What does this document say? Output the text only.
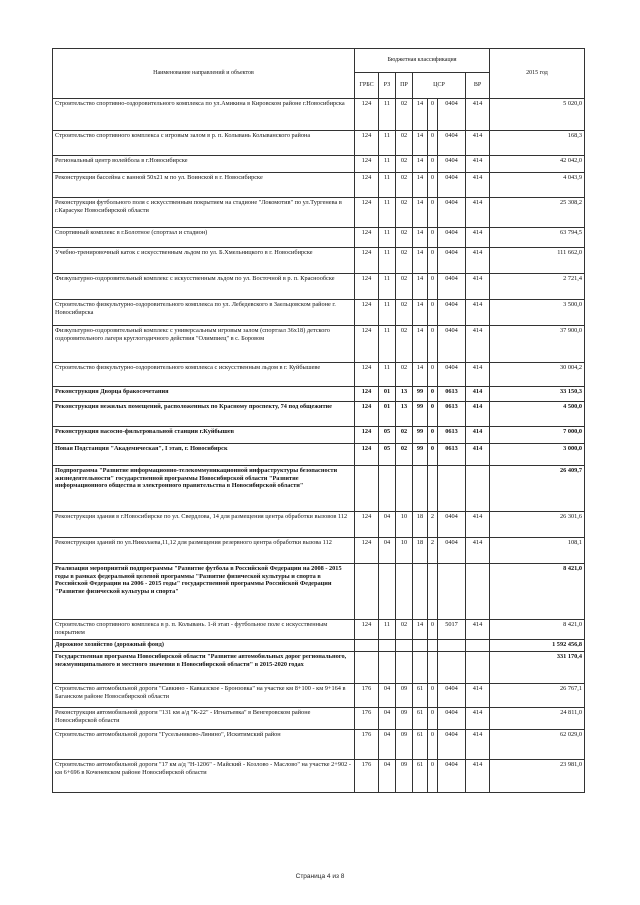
Наименование направлений и объектов	Бюджетная классификация							2015 год
	ГРБС	РЗ	ПР	ЦСР			ВР	
Строительство спортивно-оздоровительного комплекса по ул.Амикина в Кировском районе г.Новосибирска	124	11	02	14	0	0404	414	5 020,0
Строительство спортивного комплекса с игровым залом в р. п. Колывань Колыванского района	124	11	02	14	0	0404	414	168,3
Региональный центр волейбола в г.Новосибирске	124	11	02	14	0	0404	414	42 042,0
Реконструкция бассейна с ванной 50х21 м по ул. Воинской в г. Новосибирске	124	11	02	14	0	0404	414	4 043,9
Реконструкция футбольного поля с искусственным покрытием на стадионе "Локомотив" по ул.Тургенева в г.Карасуке Новосибирской области	124	11	02	14	0	0404	414	25 308,2
Спортивный комплекс в г.Болотное (спортзал и стадион)	124	11	02	14	0	0404	414	63 794,5
Учебно-тренировочный каток с искусственным льдом по ул. Б.Хмельницкого в г. Новосибирске	124	11	02	14	0	0404	414	111 662,0
Физкультурно-оздоровительный комплекс с искусственным льдом по ул. Восточной в р. п. Краснообске	124	11	02	14	0	0404	414	2 721,4
Строительство физкультурно-оздоровительного комплекса по ул. Лебедевского в Заельцовском районе г. Новосибирска	124	11	02	14	0	0404	414	3 500,0
Физкультурно-оздоровительный комплекс с универсальным игровым залом (спортзал 36х18) детского оздоровительного лагеря круглогодичного действия "Олимпиец" в с. Боровом	124	11	02	14	0	0404	414	37 900,0
Строительство физкультурно-оздоровительного комплекса с искусственным льдом в г. Куйбышеве	124	11	02	14	0	0404	414	30 004,2
Реконструкция Дворца бракосочетания	124	01	13	99	0	0613	414	33 150,3
Реконструкция нежилых помещений, расположенных по Красному проспекту, 74 под общежитие	124	01	13	99	0	0613	414	4 500,0
Реконструкция насосно-фильтровальной станции г.Куйбышев	124	05	02	99	0	0613	414	7 000,0
Новая Подстанция "Академическая", I этап, г. Новосибирск	124	05	02	99	0	0613	414	3 000,0
Подпрограмма "Развитие информационно-телекоммуникационной инфраструктуры безопасности жизнедеятельности" государственной программы Новосибирской области "Развитие информационного общества и электронного правительства в Новосибирской области"								26 409,7
Реконструкция здания в г.Новосибирске по ул. Свердлова, 14 для размещения центра обработки вызовов 112	124	04	10	18	2	0404	414	26 301,6
Реконструкция зданий по ул.Николаева,11,12 для размещения резервного центра обработки вызова 112	124	04	10	18	2	0404	414	108,1
Реализация мероприятий подпрограммы "Развитие футбола в Российской Федерации на 2008 - 2015 годы в рамках федеральной целевой программы "Развитие физической культуры и спорта в Российской Федерации на 2006 - 2015 годы" государственной программы Российской Федерации "Развитие физической культуры и спорта"								8 421,0
Строительство спортивного комплекса в р. п. Колывань. 1-й этап - футбольное поле с искусственным покрытием	124	11	02	14	0	5017	414	8 421,0
Дорожное хозяйство (дорожный фонд)								1 592 456,8
Государственная программа Новосибирской области "Развитие автомобильных дорог регионального, межмуниципального и местного значения в Новосибирской области" в 2015-2020 годах								331 170,4
Строительство автомобильной дороги "Савкино - Кавказское - Бронзовка" на участке км 8+100 - км 9+164 в Баганском районе Новосибирской области	176	04	09	61	0	0404	414	26 767,1
Реконструкция автомобильной дороги "131 км а/д "К-22" - Игнатьевка" в Венгеровском районе Новосибирской области	176	04	09	61	0	0404	414	24 811,0
Строительство автомобильной дороги "Гусельниково-Лянино", Искитимский район	176	04	09	61	0	0404	414	62 029,0
Строительство автомобильной дороги "17 км а/д "Н-1206" - Майский - Козлово - Маслово" на участке 2+902 - км 6+696 в Коченевском районе Новосибирской области	176	04	09	61	0	0404	414	23 981,0
Страница 4 из 8
